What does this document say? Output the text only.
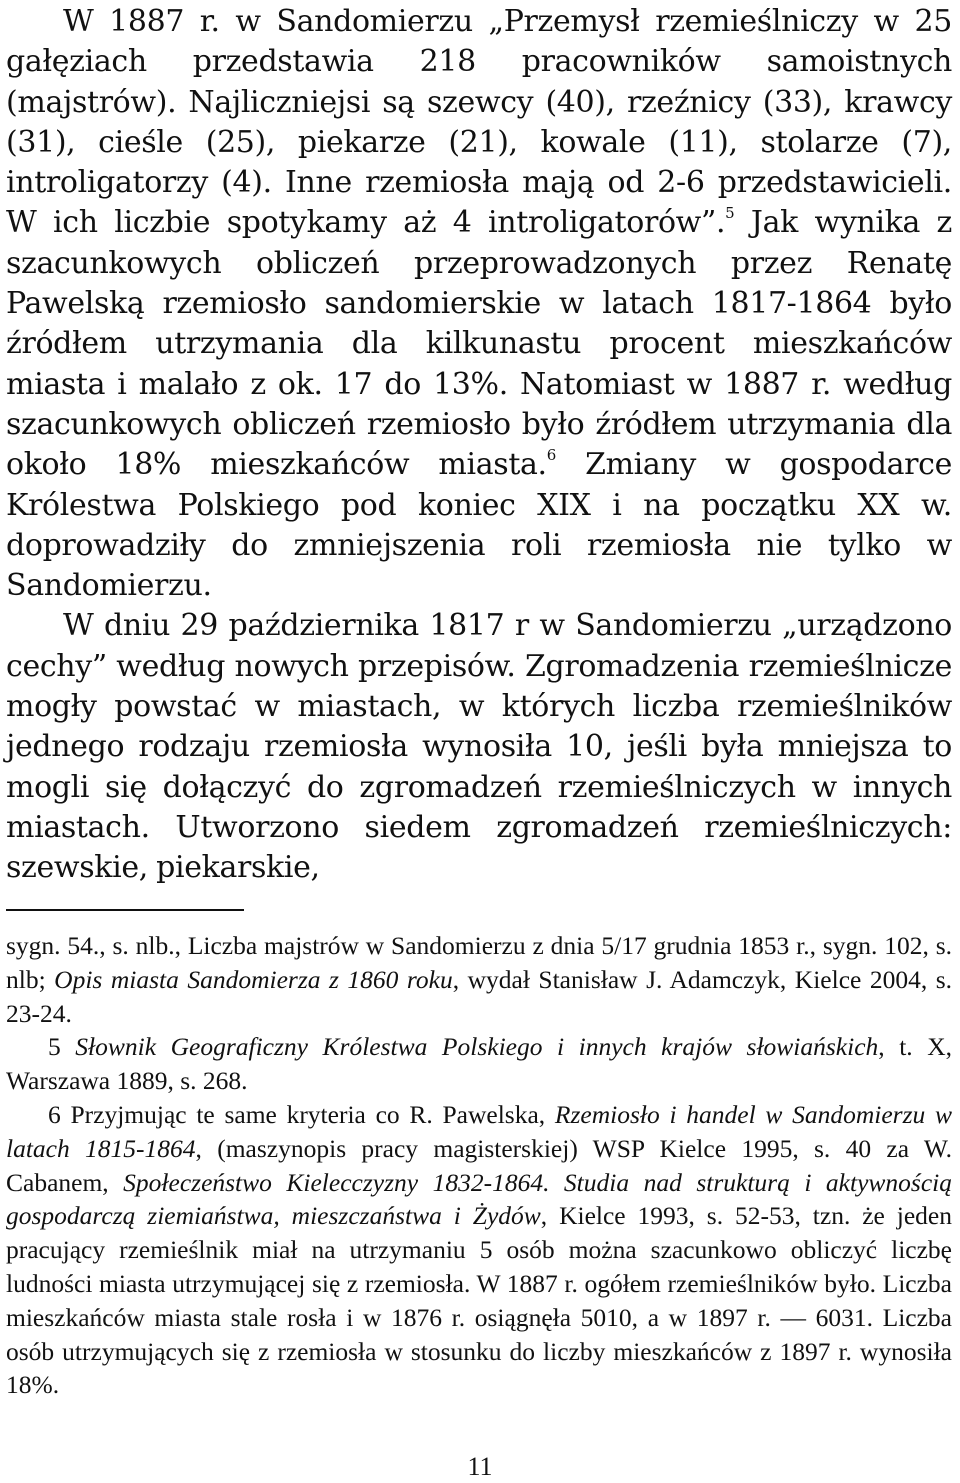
W 1887 r. w Sandomierzu „Przemysł rzemieślniczy w 25 gałęziach przedstawia 218 pracowników samoistnych (majstrów). Najliczniejsi są szewcy (40), rzeźnicy (33), krawcy (31), cieśle (25), piekarze (21), kowale (11), stolarze (7), introligatorzy (4). Inne rzemiosła mają od 2-6 przedstawicieli. W ich liczbie spotykamy aż 4 introligatorów”.$^5$ Jak wynika z szacunkowych obliczeń przeprowadzonych przez Renatę Pawelską rzemiosło sandomierskie w latach 1817-1864 było źródłem utrzymania dla kilkunastu procent mieszkańców miasta i malało z ok. 17 do 13%. Natomiast w 1887 r. według szacunkowych obliczeń rzemiosło było źródłem utrzymania dla około 18% mieszkańców miasta.$^6$ Zmiany w gospodarce Królestwa Polskiego pod koniec XIX i na początku XX w. doprowadziły do zmniejszenia roli rzemiosła nie tylko w Sandomierzu.

W dniu 29 października 1817 r w Sandomierzu „urządzono cechy” według nowych przepisów. Zgromadzenia rzemieślnicze mogły powstać w miastach, w których liczba rzemieślników jednego rodzaju rzemiosła wynosiła 10, jeśli była mniejsza to mogli się dołączyć do zgromadzeń rzemieślniczych w innych miastach. Utworzono siedem zgromadzeń rzemieślniczych: szewskie, piekarskie,

sygn. 54., s. nlb., Liczba majstrów w Sandomierzu z dnia 5/17 grudnia 1853 r., sygn. 102, s. nlb; Opis miasta Sandomierza z 1860 roku, wydał Stanisław J. Adamczyk, Kielce 2004, s. 23-24.

5 Słownik Geograficzny Królestwa Polskiego i innych krajów słowiańskich, t. X, Warszawa 1889, s. 268.

6 Przyjmując te same kryteria co R. Pawelska, Rzemiosło i handel w Sandomierzu w latach 1815-1864, (maszynopis pracy magisterskiej) WSP Kielce 1995, s. 40 za W. Cabanem, Społeczeństwo Kielecczyzny 1832-1864. Studia nad strukturą i aktywnością gospodarczą ziemiaństwa, mieszczaństwa i Żydów, Kielce 1993, s. 52-53, tzn. że jeden pracujący rzemieślnik miał na utrzymaniu 5 osób można szacunkowo obliczyć liczbę ludności miasta utrzymującej się z rzemiosła. W 1887 r. ogółem rzemieślników było. Liczba mieszkańców miasta stale rosła i w 1876 r. osiągnęła 5010, a w 1897 r. — 6031. Liczba osób utrzymujących się z rzemiosła w stosunku do liczby mieszkańców z 1897 r. wynosiła 18%.

11
